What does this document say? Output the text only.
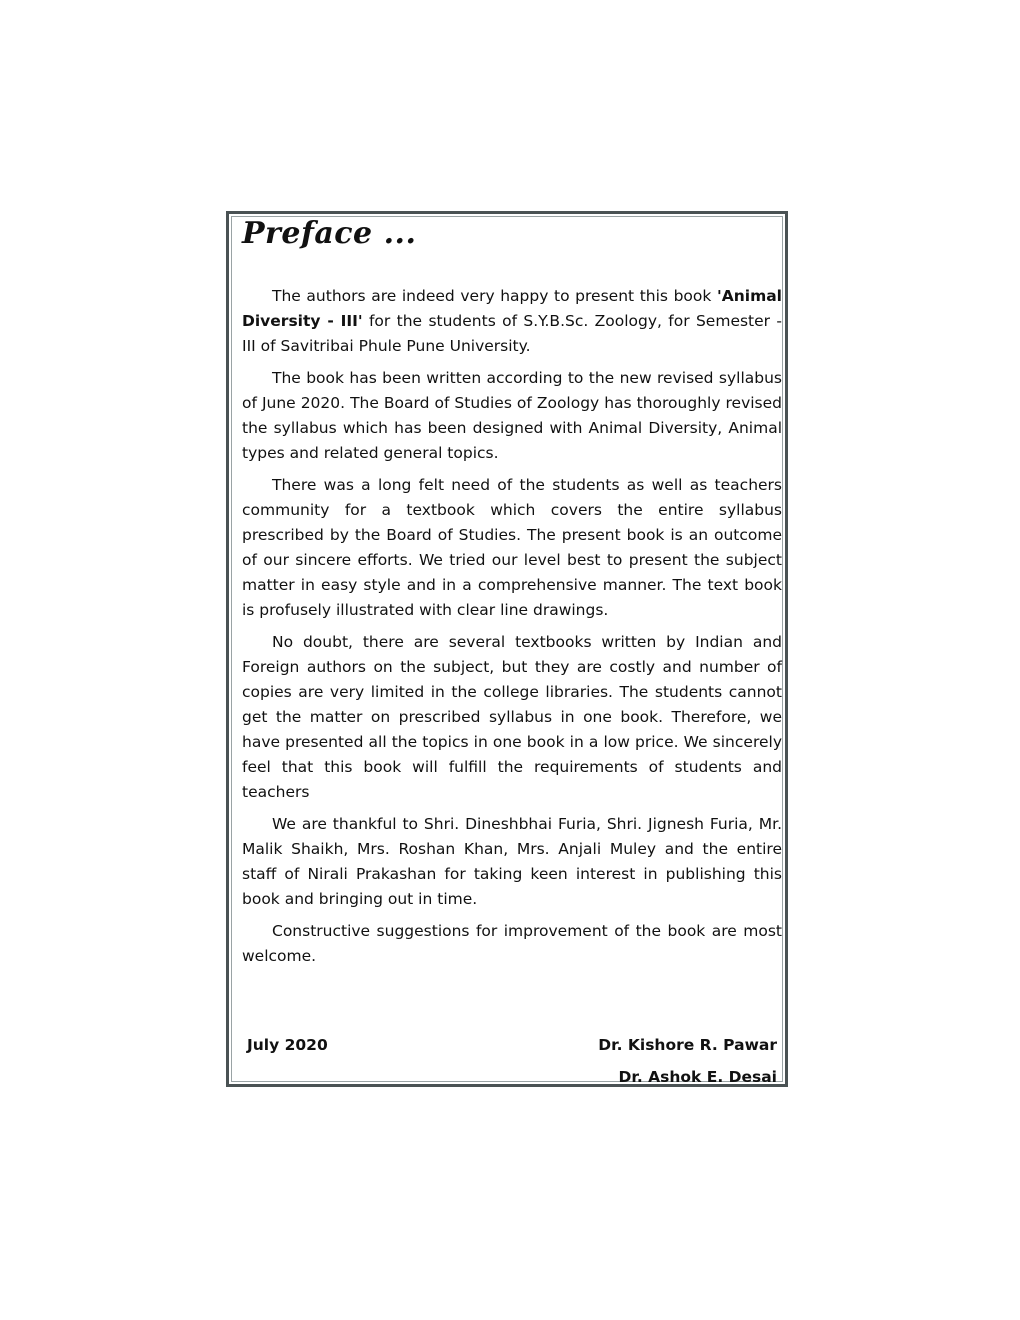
Preface ...

The authors are indeed very happy to present this book 'Animal Diversity - III' for the students of S.Y.B.Sc. Zoology, for Semester - III of Savitribai Phule Pune University.

The book has been written according to the new revised syllabus of June 2020. The Board of Studies of Zoology has thoroughly revised the syllabus which has been designed with Animal Diversity, Animal types and related general topics.

There was a long felt need of the students as well as teachers community for a textbook which covers the entire syllabus prescribed by the Board of Studies. The present book is an outcome of our sincere efforts. We tried our level best to present the subject matter in easy style and in a comprehensive manner. The text book is profusely illustrated with clear line drawings.

No doubt, there are several textbooks written by Indian and Foreign authors on the subject, but they are costly and number of copies are very limited in the college libraries. The students cannot get the matter on prescribed syllabus in one book. Therefore, we have presented all the topics in one book in a low price. We sincerely feel that this book will fulfill the requirements of students and teachers

We are thankful to Shri. Dineshbhai Furia, Shri. Jignesh Furia, Mr. Malik Shaikh, Mrs. Roshan Khan, Mrs. Anjali Muley and the entire staff of Nirali Prakashan for taking keen interest in publishing this book and bringing out in time.

Constructive suggestions for improvement of the book are most welcome.

July 2020	Dr. Kishore R. Pawar
Dr. Ashok E. Desai
